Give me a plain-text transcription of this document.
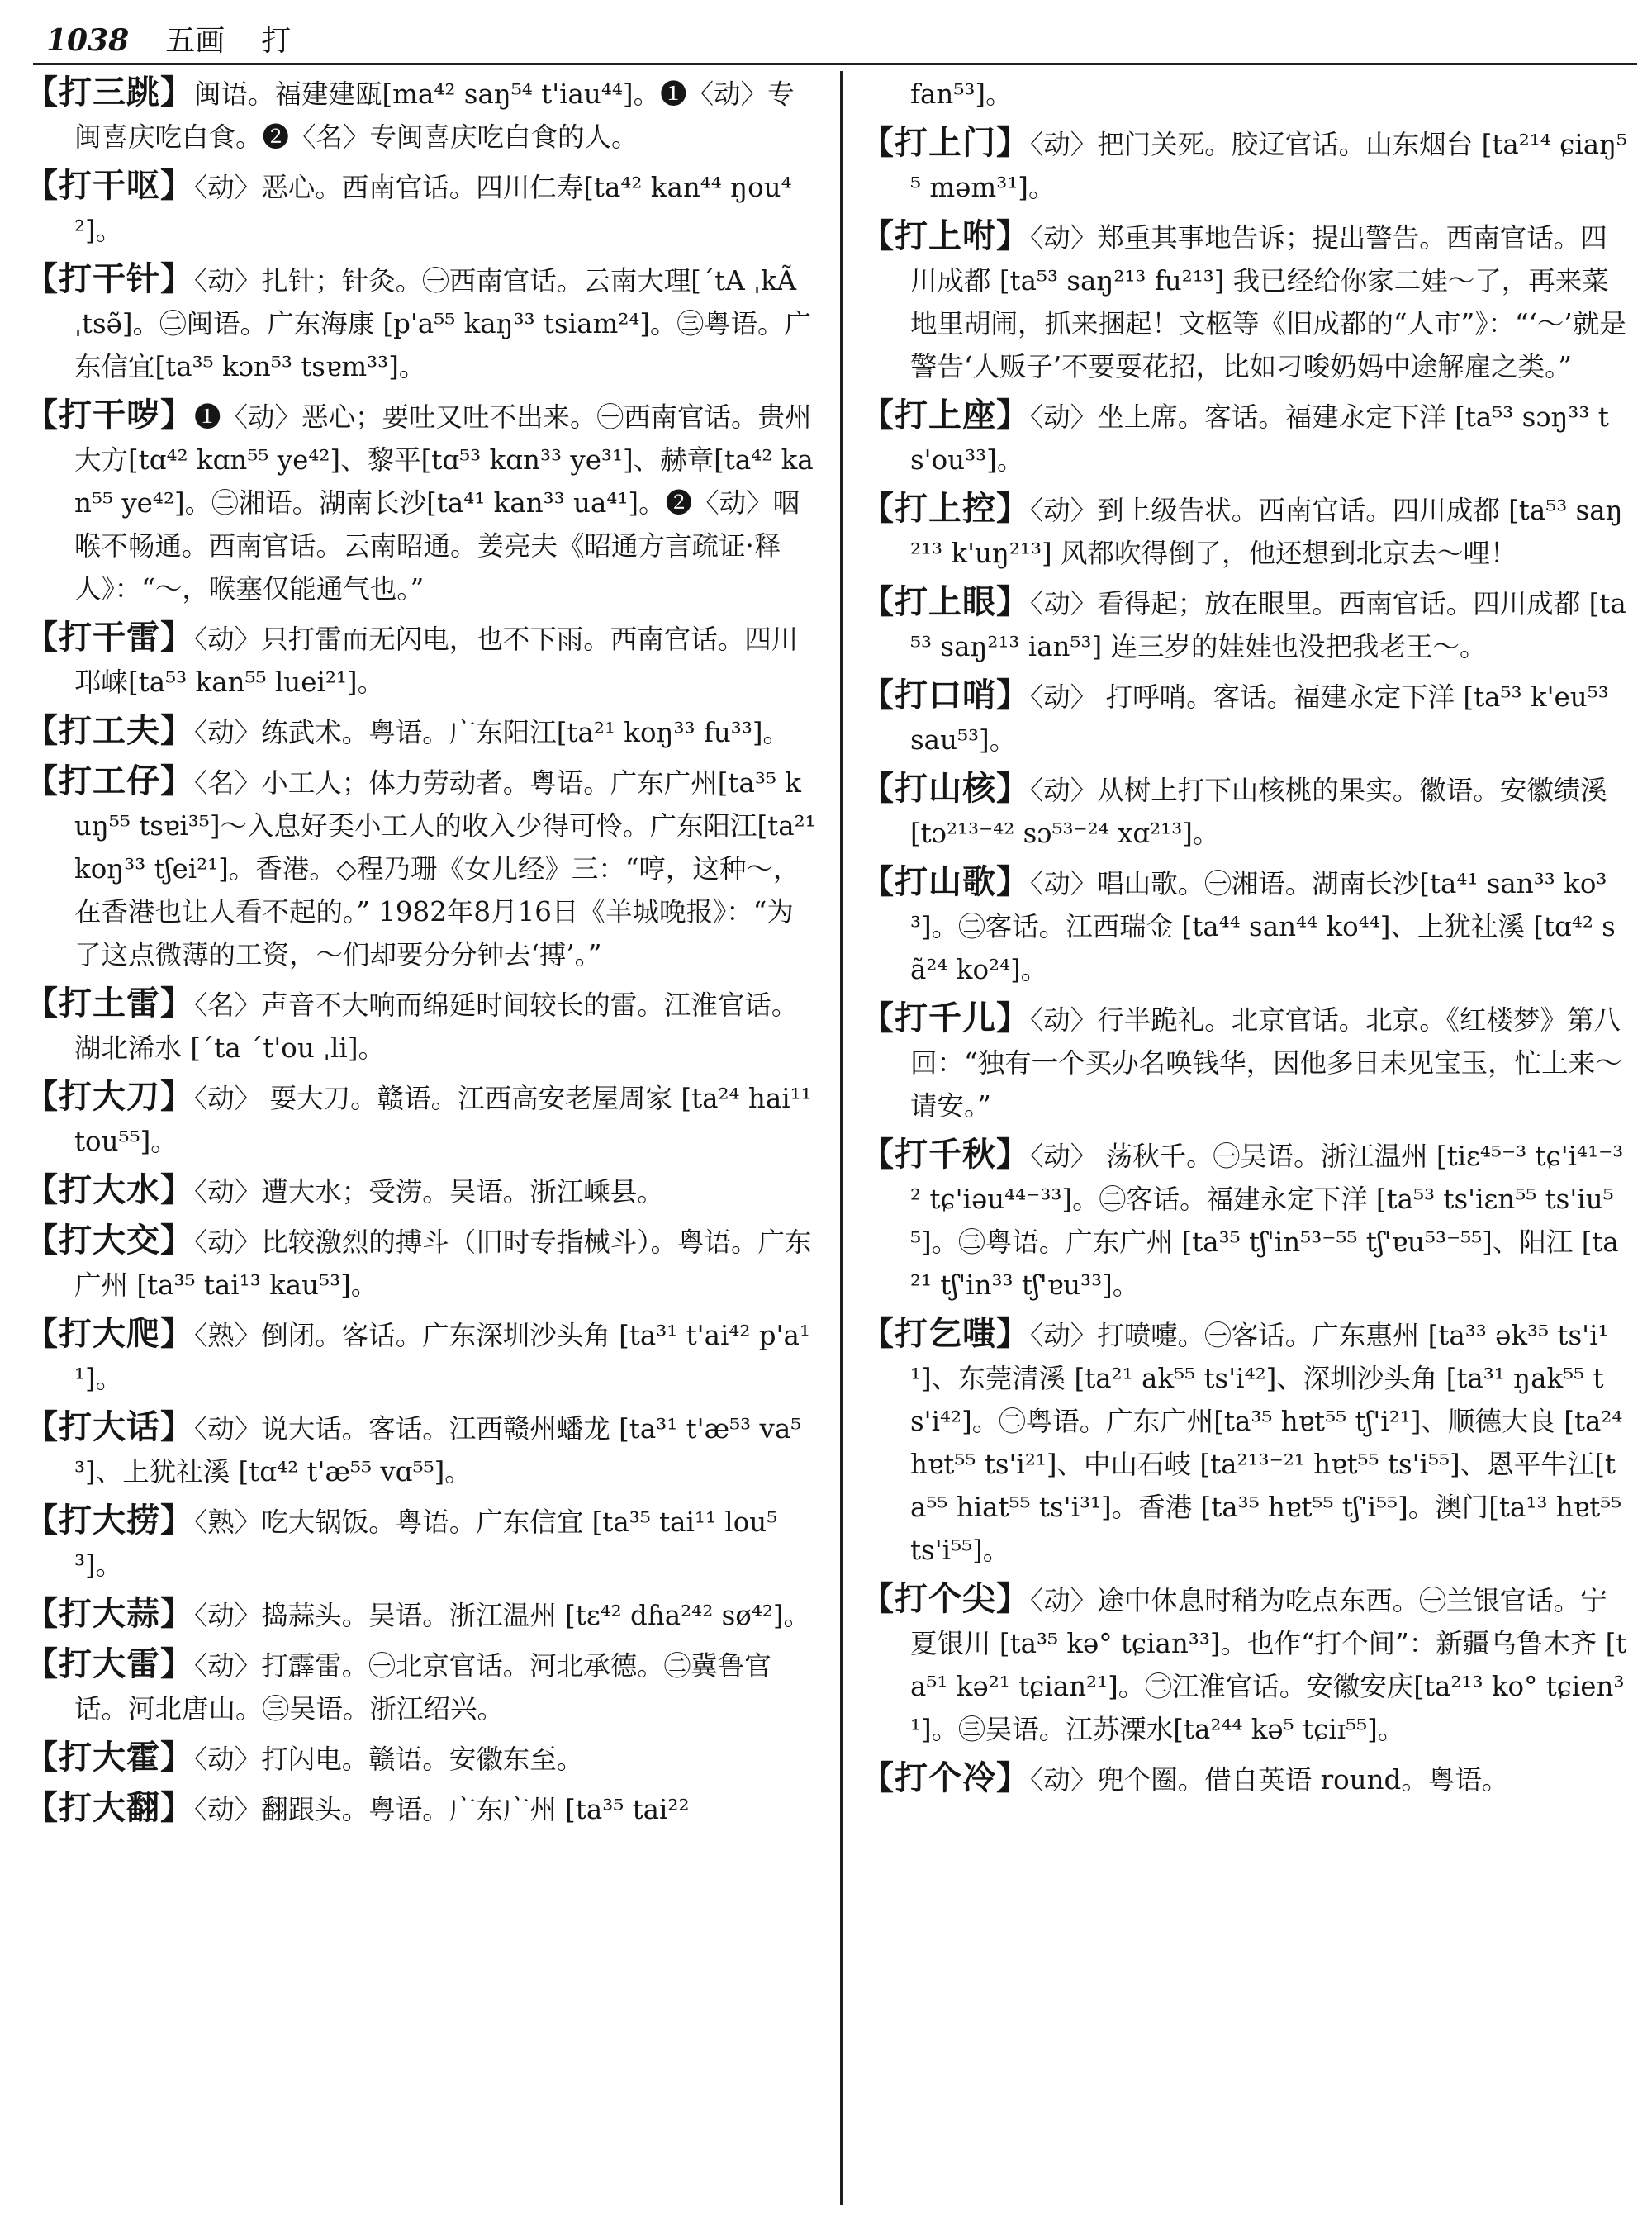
1038 五画 打
【打三跳】闽语。福建建瓯[ma⁴² saŋ⁵⁴ t'iau⁴⁴]。❶〈动〉专闽喜庆吃白食。❷〈名〉专闽喜庆吃白食的人。
【打干呕】〈动〉恶心。西南官话。四川仁寿[ta⁴² kan⁴⁴ ŋou⁴²]。
【打干针】〈动〉扎针；针灸。㊀西南官话。云南大理[ˊtA ˌkÃ ˌtsə̃]。㊁闽语。广东海康 [p'a⁵⁵ kaŋ³³ tsiam²⁴]。㊂粤语。广东信宜[ta³⁵ kɔn⁵³ tsɐm³³]。
【打干哕】❶〈动〉恶心；要吐又吐不出来。㊀西南官话。贵州大方[tɑ⁴² kɑn⁵⁵ ye⁴²]、黎平[tɑ⁵³ kɑn³³ ye³¹]、赫章[ta⁴² kan⁵⁵ ye⁴²]。㊁湘语。湖南长沙[ta⁴¹ kan³³ ua⁴¹]。❷〈动〉咽喉不畅通。西南官话。云南昭通。姜亮夫《昭通方言疏证·释人》：“～，喉塞仅能通气也。”
【打干雷】〈动〉只打雷而无闪电，也不下雨。西南官话。四川邛崃[ta⁵³ kan⁵⁵ luei²¹]。
【打工夫】〈动〉练武术。粤语。广东阳江[ta²¹ koŋ³³ fu³³]。
【打工仔】〈名〉小工人；体力劳动者。粤语。广东广州[ta³⁵ kuŋ⁵⁵ tsɐi³⁵]～入息好奀小工人的收入少得可怜。广东阳江[ta²¹ koŋ³³ tʃei²¹]。香港。◇程乃珊《女儿经》三：“哼，这种～，在香港也让人看不起的。” 1982年8月16日《羊城晚报》：“为了这点微薄的工资，～们却要分分钟去‘搏’。”
【打土雷】〈名〉声音不大响而绵延时间较长的雷。江淮官话。湖北浠水 [ˊta ˊt'ou ˌli]。
【打大刀】〈动〉 耍大刀。赣语。江西高安老屋周家 [ta²⁴ hai¹¹ tou⁵⁵]。
【打大水】〈动〉遭大水；受涝。吴语。浙江嵊县。
【打大交】〈动〉比较激烈的搏斗（旧时专指械斗）。粤语。广东广州 [ta³⁵ tai¹³ kau⁵³]。
【打大爬】〈熟〉倒闭。客话。广东深圳沙头角 [ta³¹ t'ai⁴² p'a¹¹]。
【打大话】〈动〉说大话。客话。江西赣州蟠龙 [ta³¹ t'æ⁵³ va⁵³]、上犹社溪 [tɑ⁴² t'æ⁵⁵ vɑ⁵⁵]。
【打大捞】〈熟〉吃大锅饭。粤语。广东信宜 [ta³⁵ tai¹¹ lou⁵³]。
【打大蒜】〈动〉捣蒜头。吴语。浙江温州 [tɛ⁴² dɦa²⁴² sø⁴²]。
【打大雷】〈动〉打霹雷。㊀北京官话。河北承德。㊁冀鲁官话。河北唐山。㊂吴语。浙江绍兴。
【打大霍】〈动〉打闪电。赣语。安徽东至。
【打大翻】〈动〉翻跟头。粤语。广东广州 [ta³⁵ tai²²
fan⁵³]。
【打上门】〈动〉把门关死。胶辽官话。山东烟台 [ta²¹⁴ ɕiaŋ⁵⁵ mәm³¹]。
【打上咐】〈动〉郑重其事地告诉；提出警告。西南官话。四川成都 [ta⁵³ saŋ²¹³ fu²¹³] 我已经给你家二娃～了，再来菜地里胡闹，抓来捆起！文柩等《旧成都的“人市”》：“‘～’就是警告‘人贩子’不要耍花招，比如刁唆奶妈中途解雇之类。”
【打上座】〈动〉坐上席。客话。福建永定下洋 [ta⁵³ sɔŋ³³ ts'ou³³]。
【打上控】〈动〉到上级告状。西南官话。四川成都 [ta⁵³ saŋ²¹³ k'uŋ²¹³] 风都吹得倒了，他还想到北京去～哩！
【打上眼】〈动〉看得起；放在眼里。西南官话。四川成都 [ta⁵³ saŋ²¹³ ian⁵³] 连三岁的娃娃也没把我老王～。
【打口哨】〈动〉 打呼哨。客话。福建永定下洋 [ta⁵³ k'eu⁵³ sau⁵³]。
【打山核】〈动〉从树上打下山核桃的果实。徽语。安徽绩溪 [tɔ²¹³⁻⁴² sɔ⁵³⁻²⁴ xɑ²¹³]。
【打山歌】〈动〉唱山歌。㊀湘语。湖南长沙[ta⁴¹ san³³ ko³³]。㊁客话。江西瑞金 [ta⁴⁴ san⁴⁴ ko⁴⁴]、上犹社溪 [tɑ⁴² sã²⁴ ko²⁴]。
【打千儿】〈动〉行半跪礼。北京官话。北京。《红楼梦》第八回：“独有一个买办名唤钱华，因他多日未见宝玉，忙上来～请安。”
【打千秋】〈动〉 荡秋千。㊀吴语。浙江温州 [tiɛ⁴⁵⁻³ tɕ'i⁴¹⁻³² tɕ'iəu⁴⁴⁻³³]。㊁客话。福建永定下洋 [ta⁵³ ts'iɛn⁵⁵ ts'iu⁵⁵]。㊂粤语。广东广州 [ta³⁵ tʃ'in⁵³⁻⁵⁵ tʃ'ɐu⁵³⁻⁵⁵]、阳江 [ta²¹ tʃ'in³³ tʃ'ɐu³³]。
【打乞嗤】〈动〉打喷嚏。㊀客话。广东惠州 [ta³³ ək³⁵ ts'i¹¹]、东莞清溪 [ta²¹ ak⁵⁵ ts'i⁴²]、深圳沙头角 [ta³¹ ŋak⁵⁵ ts'i⁴²]。㊁粤语。广东广州[ta³⁵ hɐt⁵⁵ tʃ'i²¹]、顺德大良 [ta²⁴ hɐt⁵⁵ ts'i²¹]、中山石岐 [ta²¹³⁻²¹ hɐt⁵⁵ ts'i⁵⁵]、恩平牛江[ta⁵⁵ hiat⁵⁵ ts'i³¹]。香港 [ta³⁵ hɐt⁵⁵ tʃ'i⁵⁵]。澳门[ta¹³ hɐt⁵⁵ ts'i⁵⁵]。
【打个尖】〈动〉途中休息时稍为吃点东西。㊀兰银官话。宁夏银川 [ta³⁵ kə° tɕian³³]。也作“打个间”：新疆乌鲁木齐 [ta⁵¹ kə²¹ tɕian²¹]。㊁江淮官话。安徽安庆[ta²¹³ ko° tɕien³¹]。㊂吴语。江苏溧水[ta²⁴⁴ kə⁵ tɕiɪ⁵⁵]。
【打个冷】〈动〉兜个圈。借自英语 round。粤语。
